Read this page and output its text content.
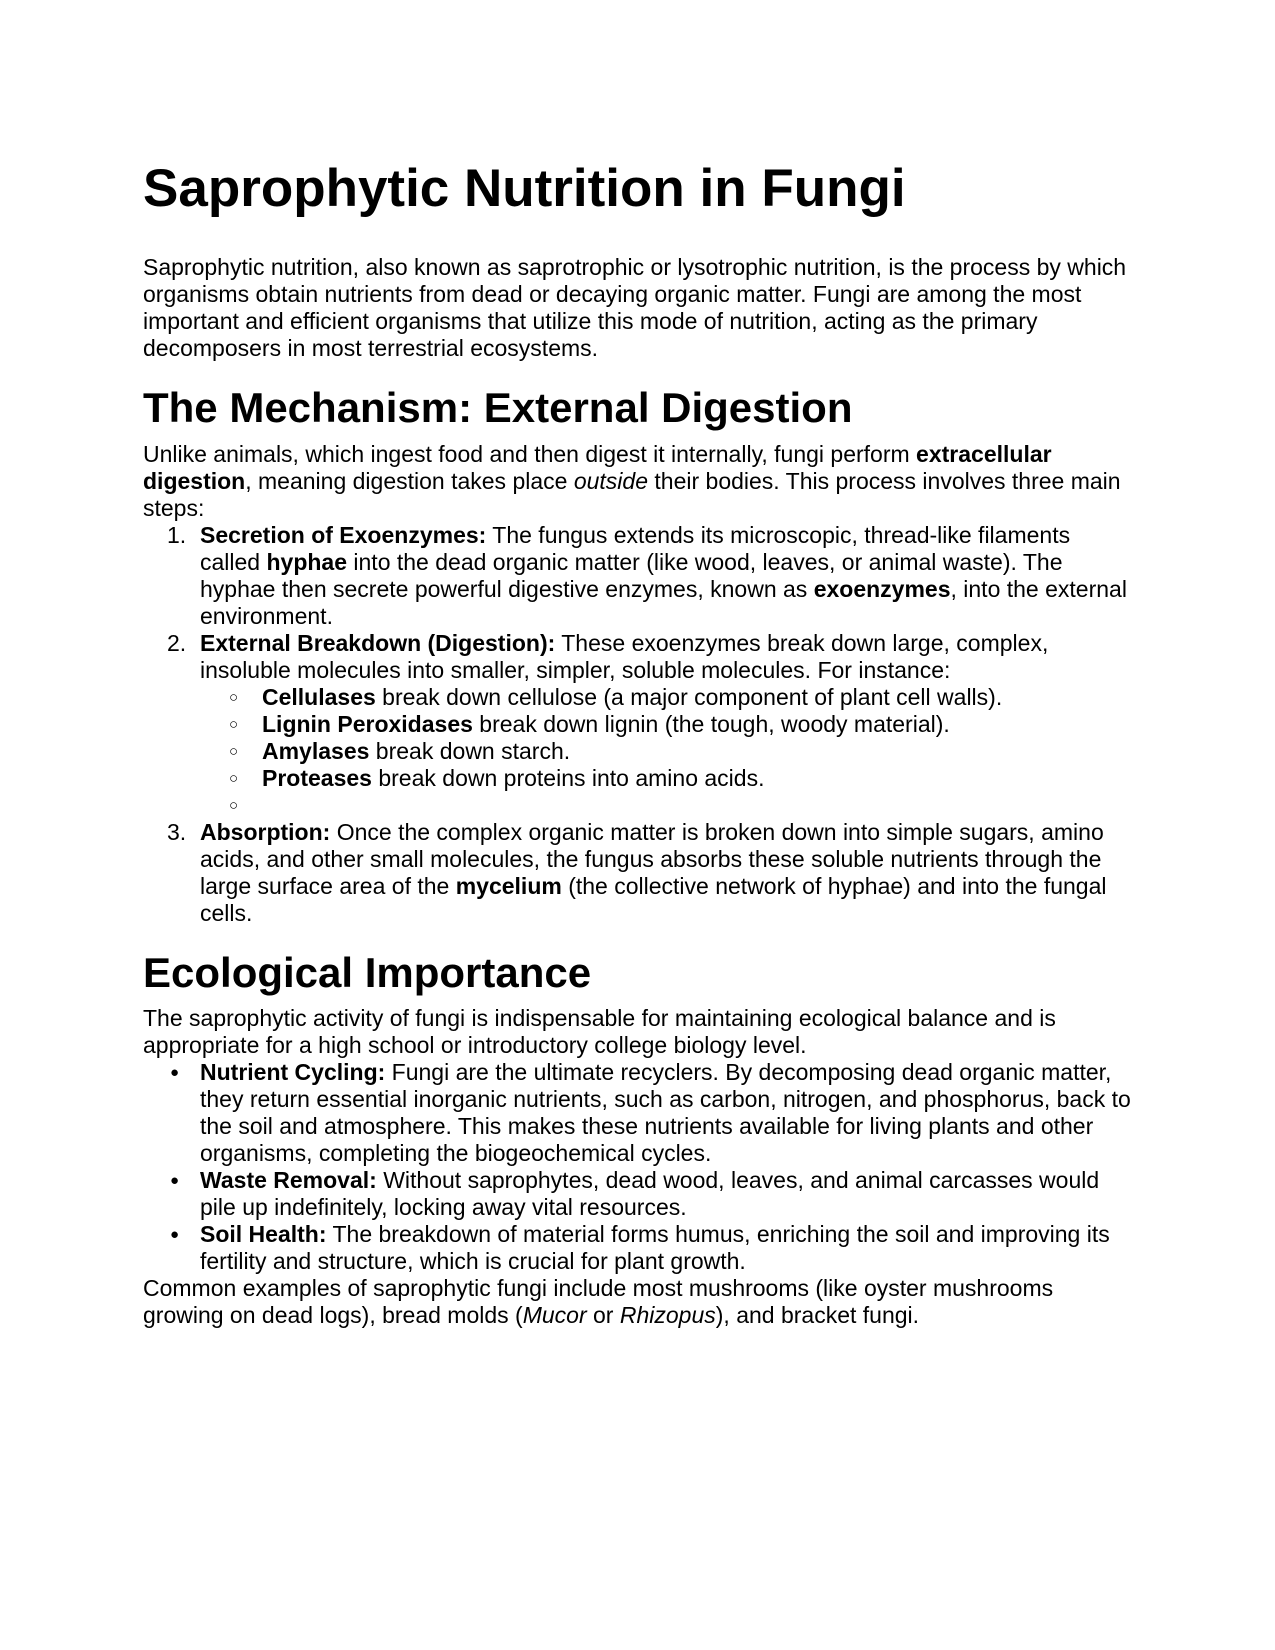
Saprophytic Nutrition in Fungi

Saprophytic nutrition, also known as saprotrophic or lysotrophic nutrition, is the process by which organisms obtain nutrients from dead or decaying organic matter. Fungi are among the most important and efficient organisms that utilize this mode of nutrition, acting as the primary decomposers in most terrestrial ecosystems.

The Mechanism: External Digestion

Unlike animals, which ingest food and then digest it internally, fungi perform extracellular digestion, meaning digestion takes place outside their bodies. This process involves three main steps:

1. Secretion of Exoenzymes: The fungus extends its microscopic, thread-like filaments called hyphae into the dead organic matter (like wood, leaves, or animal waste). The hyphae then secrete powerful digestive enzymes, known as exoenzymes, into the external environment.
2. External Breakdown (Digestion): These exoenzymes break down large, complex, insoluble molecules into smaller, simpler, soluble molecules. For instance:
○ Cellulases break down cellulose (a major component of plant cell walls).
○ Lignin Peroxidases break down lignin (the tough, woody material).
○ Amylases break down starch.
○ Proteases break down proteins into amino acids.
○
3. Absorption: Once the complex organic matter is broken down into simple sugars, amino acids, and other small molecules, the fungus absorbs these soluble nutrients through the large surface area of the mycelium (the collective network of hyphae) and into the fungal cells.
Ecological Importance

The saprophytic activity of fungi is indispensable for maintaining ecological balance and is appropriate for a high school or introductory college biology level.

● Nutrient Cycling: Fungi are the ultimate recyclers. By decomposing dead organic matter, they return essential inorganic nutrients, such as carbon, nitrogen, and phosphorus, back to the soil and atmosphere. This makes these nutrients available for living plants and other organisms, completing the biogeochemical cycles.
● Waste Removal: Without saprophytes, dead wood, leaves, and animal carcasses would pile up indefinitely, locking away vital resources.
● Soil Health: The breakdown of material forms humus, enriching the soil and improving its fertility and structure, which is crucial for plant growth.

Common examples of saprophytic fungi include most mushrooms (like oyster mushrooms growing on dead logs), bread molds (Mucor or Rhizopus), and bracket fungi.
